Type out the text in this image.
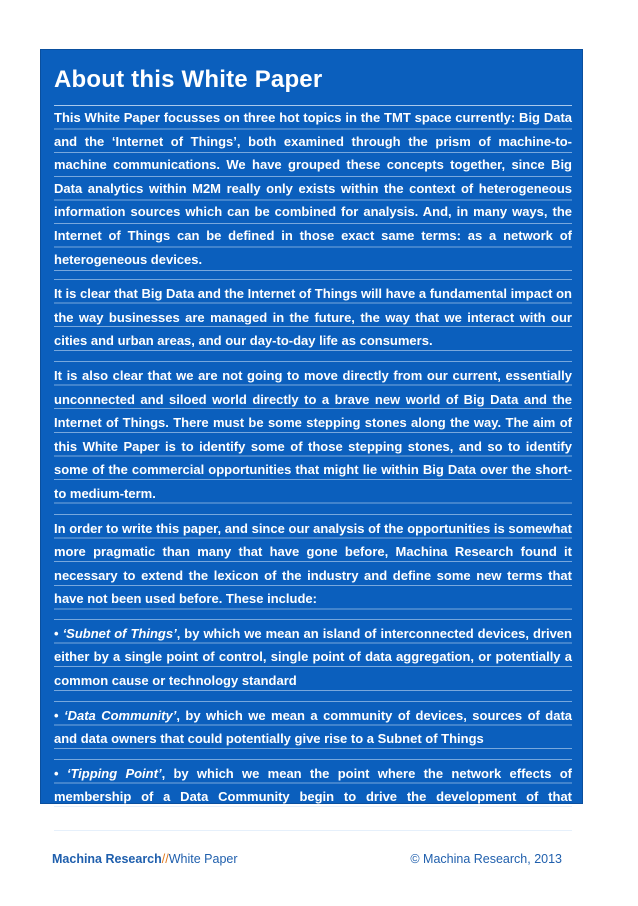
About this White Paper

This White Paper focusses on three hot topics in the TMT space currently: Big Data and the ‘Internet of Things’, both examined through the prism of machine-to-machine communications. We have grouped these concepts together, since Big Data analytics within M2M really only exists within the context of heterogeneous information sources which can be combined for analysis. And, in many ways, the Internet of Things can be defined in those exact same terms: as a network of heterogeneous devices.

It is clear that Big Data and the Internet of Things will have a fundamental impact on the way businesses are managed in the future, the way that we interact with our cities and urban areas, and our day-to-day life as consumers.

It is also clear that we are not going to move directly from our current, essentially unconnected and siloed world directly to a brave new world of Big Data and the Internet of Things. There must be some stepping stones along the way. The aim of this White Paper is to identify some of those stepping stones, and so to identify some of the commercial opportunities that might lie within Big Data over the short- to medium-term.

In order to write this paper, and since our analysis of the opportunities is somewhat more pragmatic than many that have gone before, Machina Research found it necessary to extend the lexicon of the industry and define some new terms that have not been used before. These include:

• ‘Subnet of Things’, by which we mean an island of interconnected devices, driven either by a single point of control, single point of data aggregation, or potentially a common cause or technology standard

• ‘Data Community’, by which we mean a community of devices, sources of data and data owners that could potentially give rise to a Subnet of Things

• ‘Tipping Point’, by which we mean the point where the network effects of membership of a Data Community begin to drive the development of that community.

Machina Research//White Paper	© Machina Research, 2013
